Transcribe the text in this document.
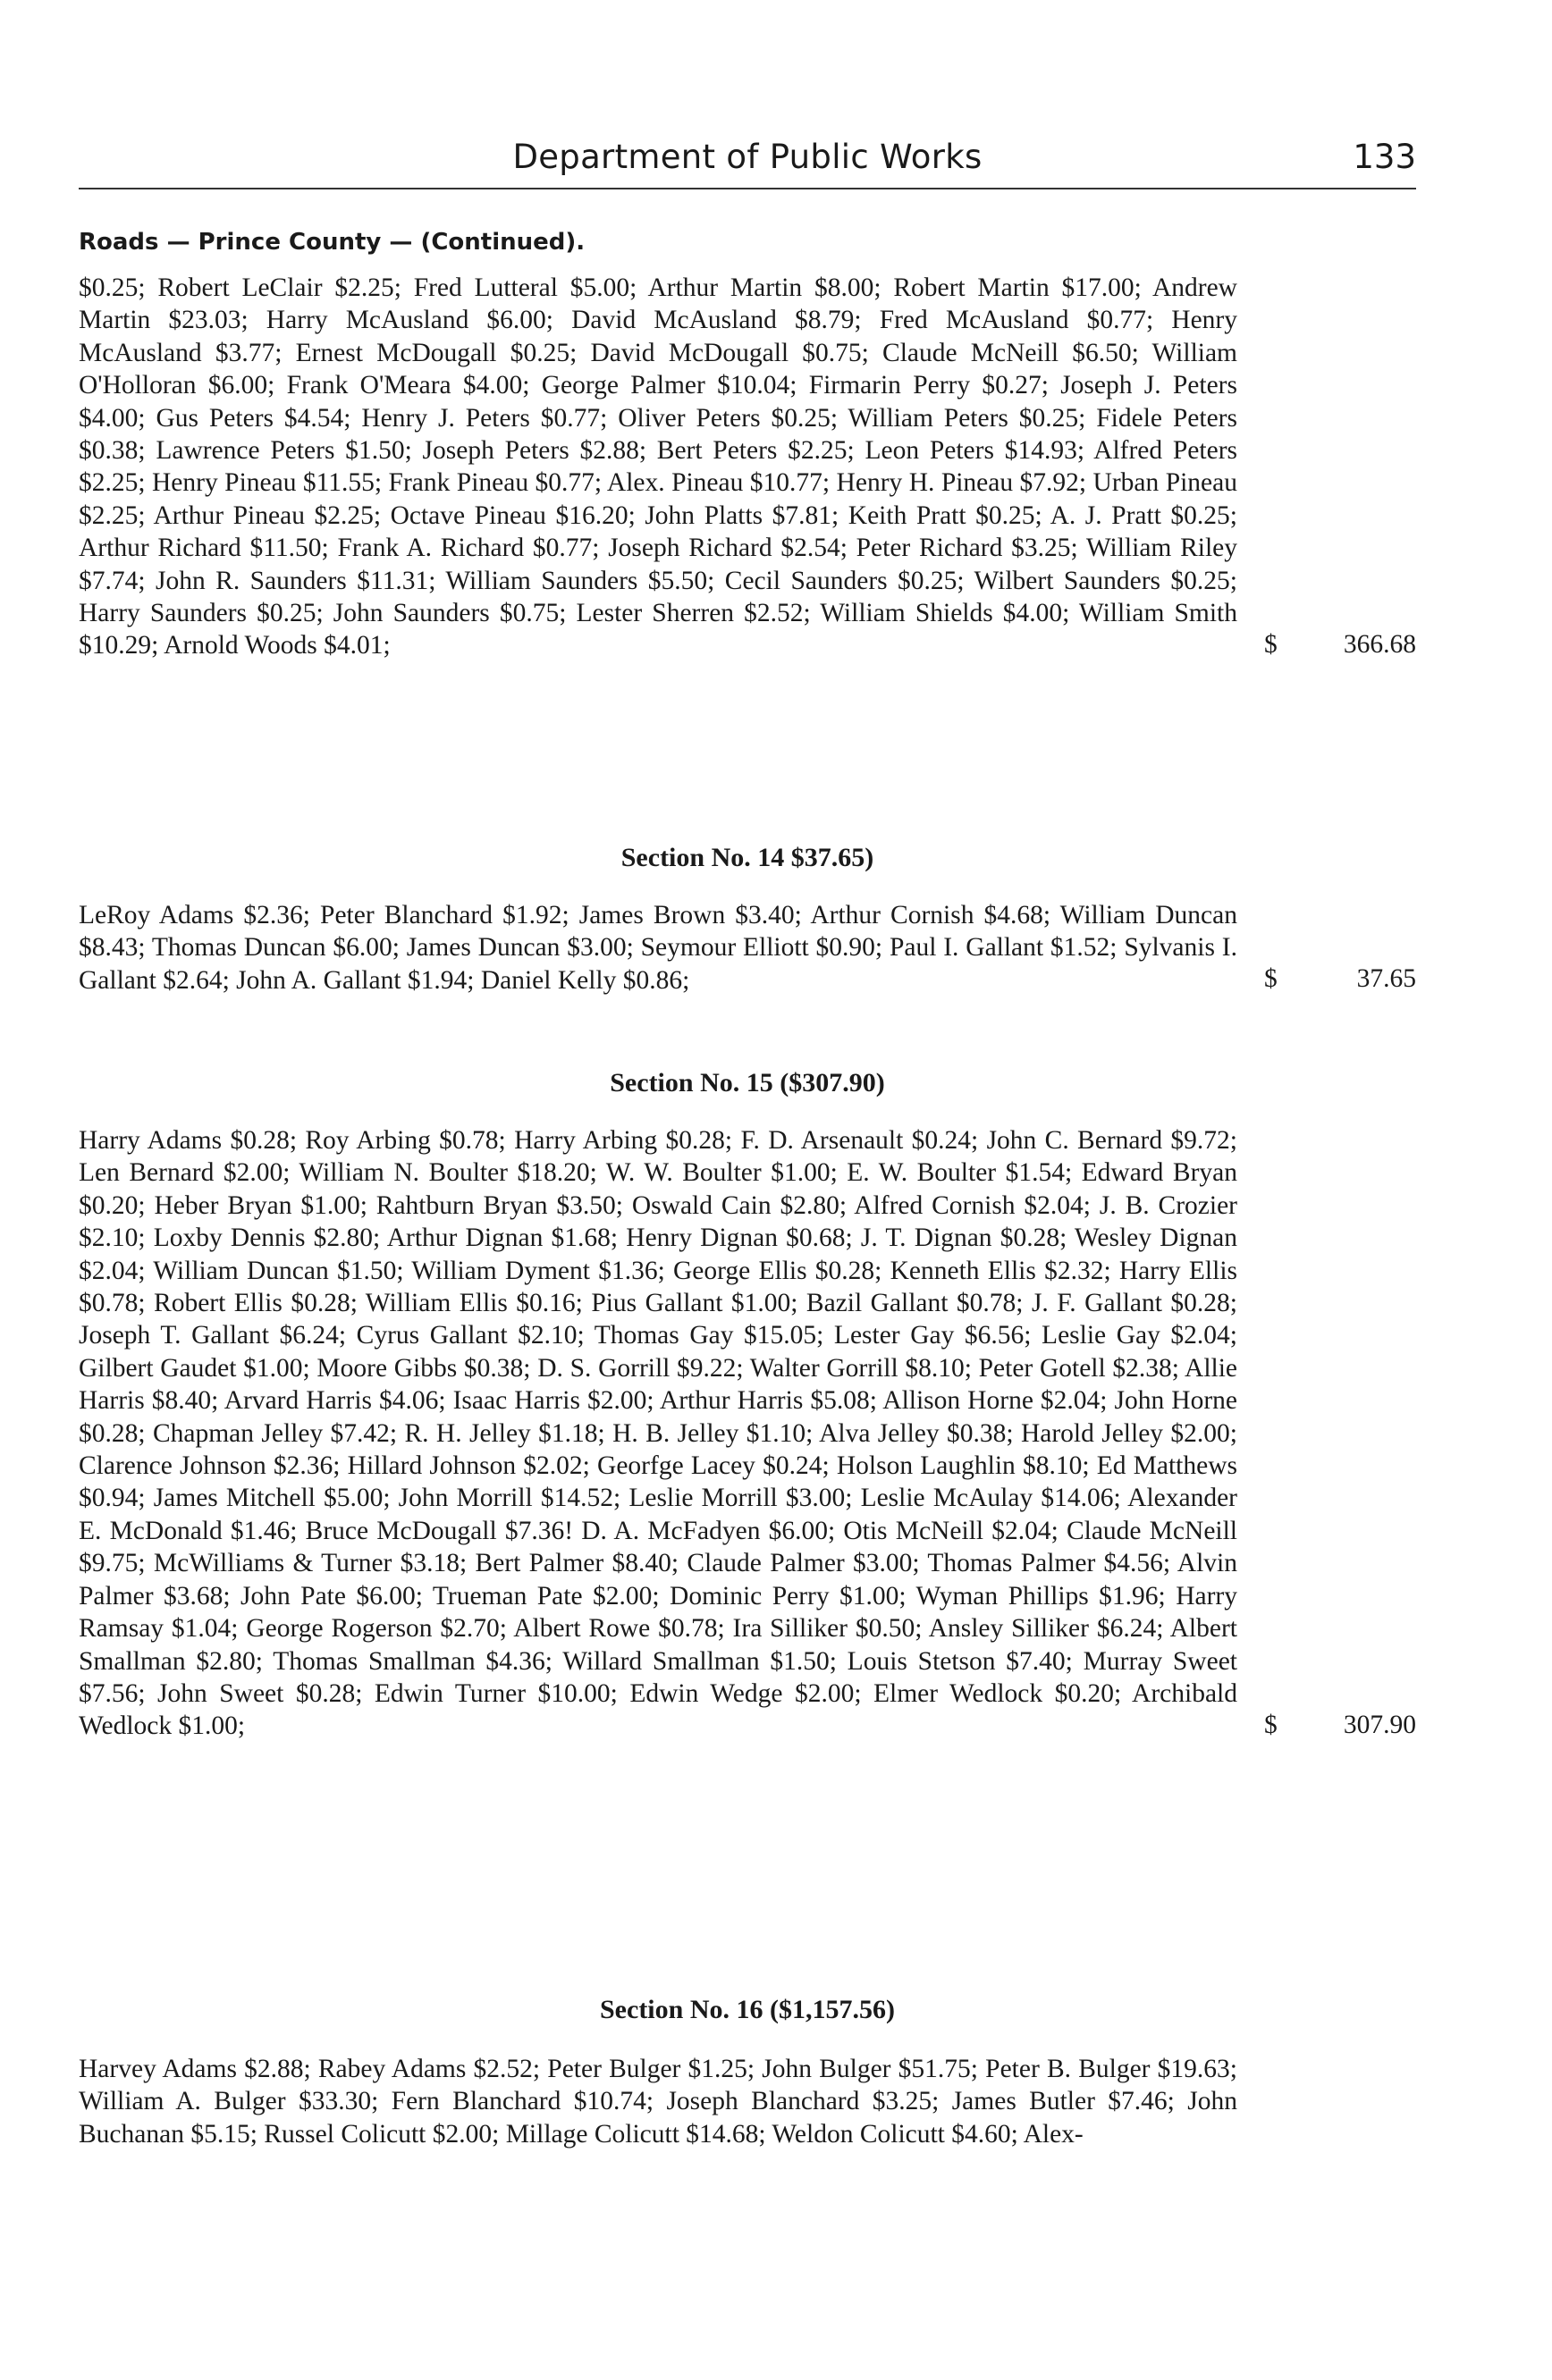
Department of Public Works	133
Roads — Prince County — (Continued).

$0.25; Robert LeClair $2.25; Fred Lutteral $5.00; Arthur Martin $8.00; Robert Martin $17.00; Andrew Martin $23.03; Harry McAusland $6.00; David McAusland $8.79; Fred McAusland $0.77; Henry McAusland $3.77; Ernest McDougall $0.25; David McDougall $0.75; Claude McNeill $6.50; William O'Holloran $6.00; Frank O'Meara $4.00; George Palmer $10.04; Firmarin Perry $0.27; Joseph J. Peters $4.00; Gus Peters $4.54; Henry J. Peters $0.77; Oliver Peters $0.25; William Peters $0.25; Fidele Peters $0.38; Lawrence Peters $1.50; Joseph Peters $2.88; Bert Peters $2.25; Leon Peters $14.93; Alfred Peters $2.25; Henry Pineau $11.55; Frank Pineau $0.77; Alex. Pineau $10.77; Henry H. Pineau $7.92; Urban Pineau $2.25; Arthur Pineau $2.25; Octave Pineau $16.20; John Platts $7.81; Keith Pratt $0.25; A. J. Pratt $0.25; Arthur Richard $11.50; Frank A. Richard $0.77; Joseph Richard $2.54; Peter Richard $3.25; William Riley $7.74; John R. Saunders $11.31; William Saunders $5.50; Cecil Saunders $0.25; Wilbert Saunders $0.25; Harry Saunders $0.25; John Saunders $0.75; Lester Sherren $2.52; William Shields $4.00; William Smith $10.29; Arnold Woods $4.01;	$	366.68
Section No. 14 $37.65)

LeRoy Adams $2.36; Peter Blanchard $1.92; James Brown $3.40; Arthur Cornish $4.68; William Duncan $8.43; Thomas Duncan $6.00; James Duncan $3.00; Seymour Elliott $0.90; Paul I. Gallant $1.52; Sylvanis I. Gallant $2.64; John A. Gallant $1.94; Daniel Kelly $0.86;	$	37.65
Section No. 15 ($307.90)

Harry Adams $0.28; Roy Arbing $0.78; Harry Arbing $0.28; F. D. Arsenault $0.24; John C. Bernard $9.72; Len Bernard $2.00; William N. Boulter $18.20; W. W. Boulter $1.00; E. W. Boulter $1.54; Edward Bryan $0.20; Heber Bryan $1.00; Rahtburn Bryan $3.50; Oswald Cain $2.80; Alfred Cornish $2.04; J. B. Crozier $2.10; Loxby Dennis $2.80; Arthur Dignan $1.68; Henry Dignan $0.68; J. T. Dignan $0.28; Wesley Dignan $2.04; William Duncan $1.50; William Dyment $1.36; George Ellis $0.28; Kenneth Ellis $2.32; Harry Ellis $0.78; Robert Ellis $0.28; William Ellis $0.16; Pius Gallant $1.00; Bazil Gallant $0.78; J. F. Gallant $0.28; Joseph T. Gallant $6.24; Cyrus Gallant $2.10; Thomas Gay $15.05; Lester Gay $6.56; Leslie Gay $2.04; Gilbert Gaudet $1.00; Moore Gibbs $0.38; D. S. Gorrill $9.22; Walter Gorrill $8.10; Peter Gotell $2.38; Allie Harris $8.40; Arvard Harris $4.06; Isaac Harris $2.00; Arthur Harris $5.08; Allison Horne $2.04; John Horne $0.28; Chapman Jelley $7.42; R. H. Jelley $1.18; H. B. Jelley $1.10; Alva Jelley $0.38; Harold Jelley $2.00; Clarence Johnson $2.36; Hillard Johnson $2.02; Georfge Lacey $0.24; Holson Laughlin $8.10; Ed Matthews $0.94; James Mitchell $5.00; John Morrill $14.52; Leslie Morrill $3.00; Leslie McAulay $14.06; Alexander E. McDonald $1.46; Bruce McDougall $7.36! D. A. McFadyen $6.00; Otis McNeill $2.04; Claude McNeill $9.75; McWilliams & Turner $3.18; Bert Palmer $8.40; Claude Palmer $3.00; Thomas Palmer $4.56; Alvin Palmer $3.68; John Pate $6.00; Trueman Pate $2.00; Dominic Perry $1.00; Wyman Phillips $1.96; Harry Ramsay $1.04; George Rogerson $2.70; Albert Rowe $0.78; Ira Silliker $0.50; Ansley Silliker $6.24; Albert Smallman $2.80; Thomas Smallman $4.36; Willard Smallman $1.50; Louis Stetson $7.40; Murray Sweet $7.56; John Sweet $0.28; Edwin Turner $10.00; Edwin Wedge $2.00; Elmer Wedlock $0.20; Archibald Wedlock $1.00;	$	307.90
Section No. 16 ($1,157.56)

Harvey Adams $2.88; Rabey Adams $2.52; Peter Bulger $1.25; John Bulger $51.75; Peter B. Bulger $19.63; William A. Bulger $33.30; Fern Blanchard $10.74; Joseph Blanchard $3.25; James Butler $7.46; John Buchanan $5.15; Russel Colicutt $2.00; Millage Colicutt $14.68; Weldon Colicutt $4.60; Alex-
